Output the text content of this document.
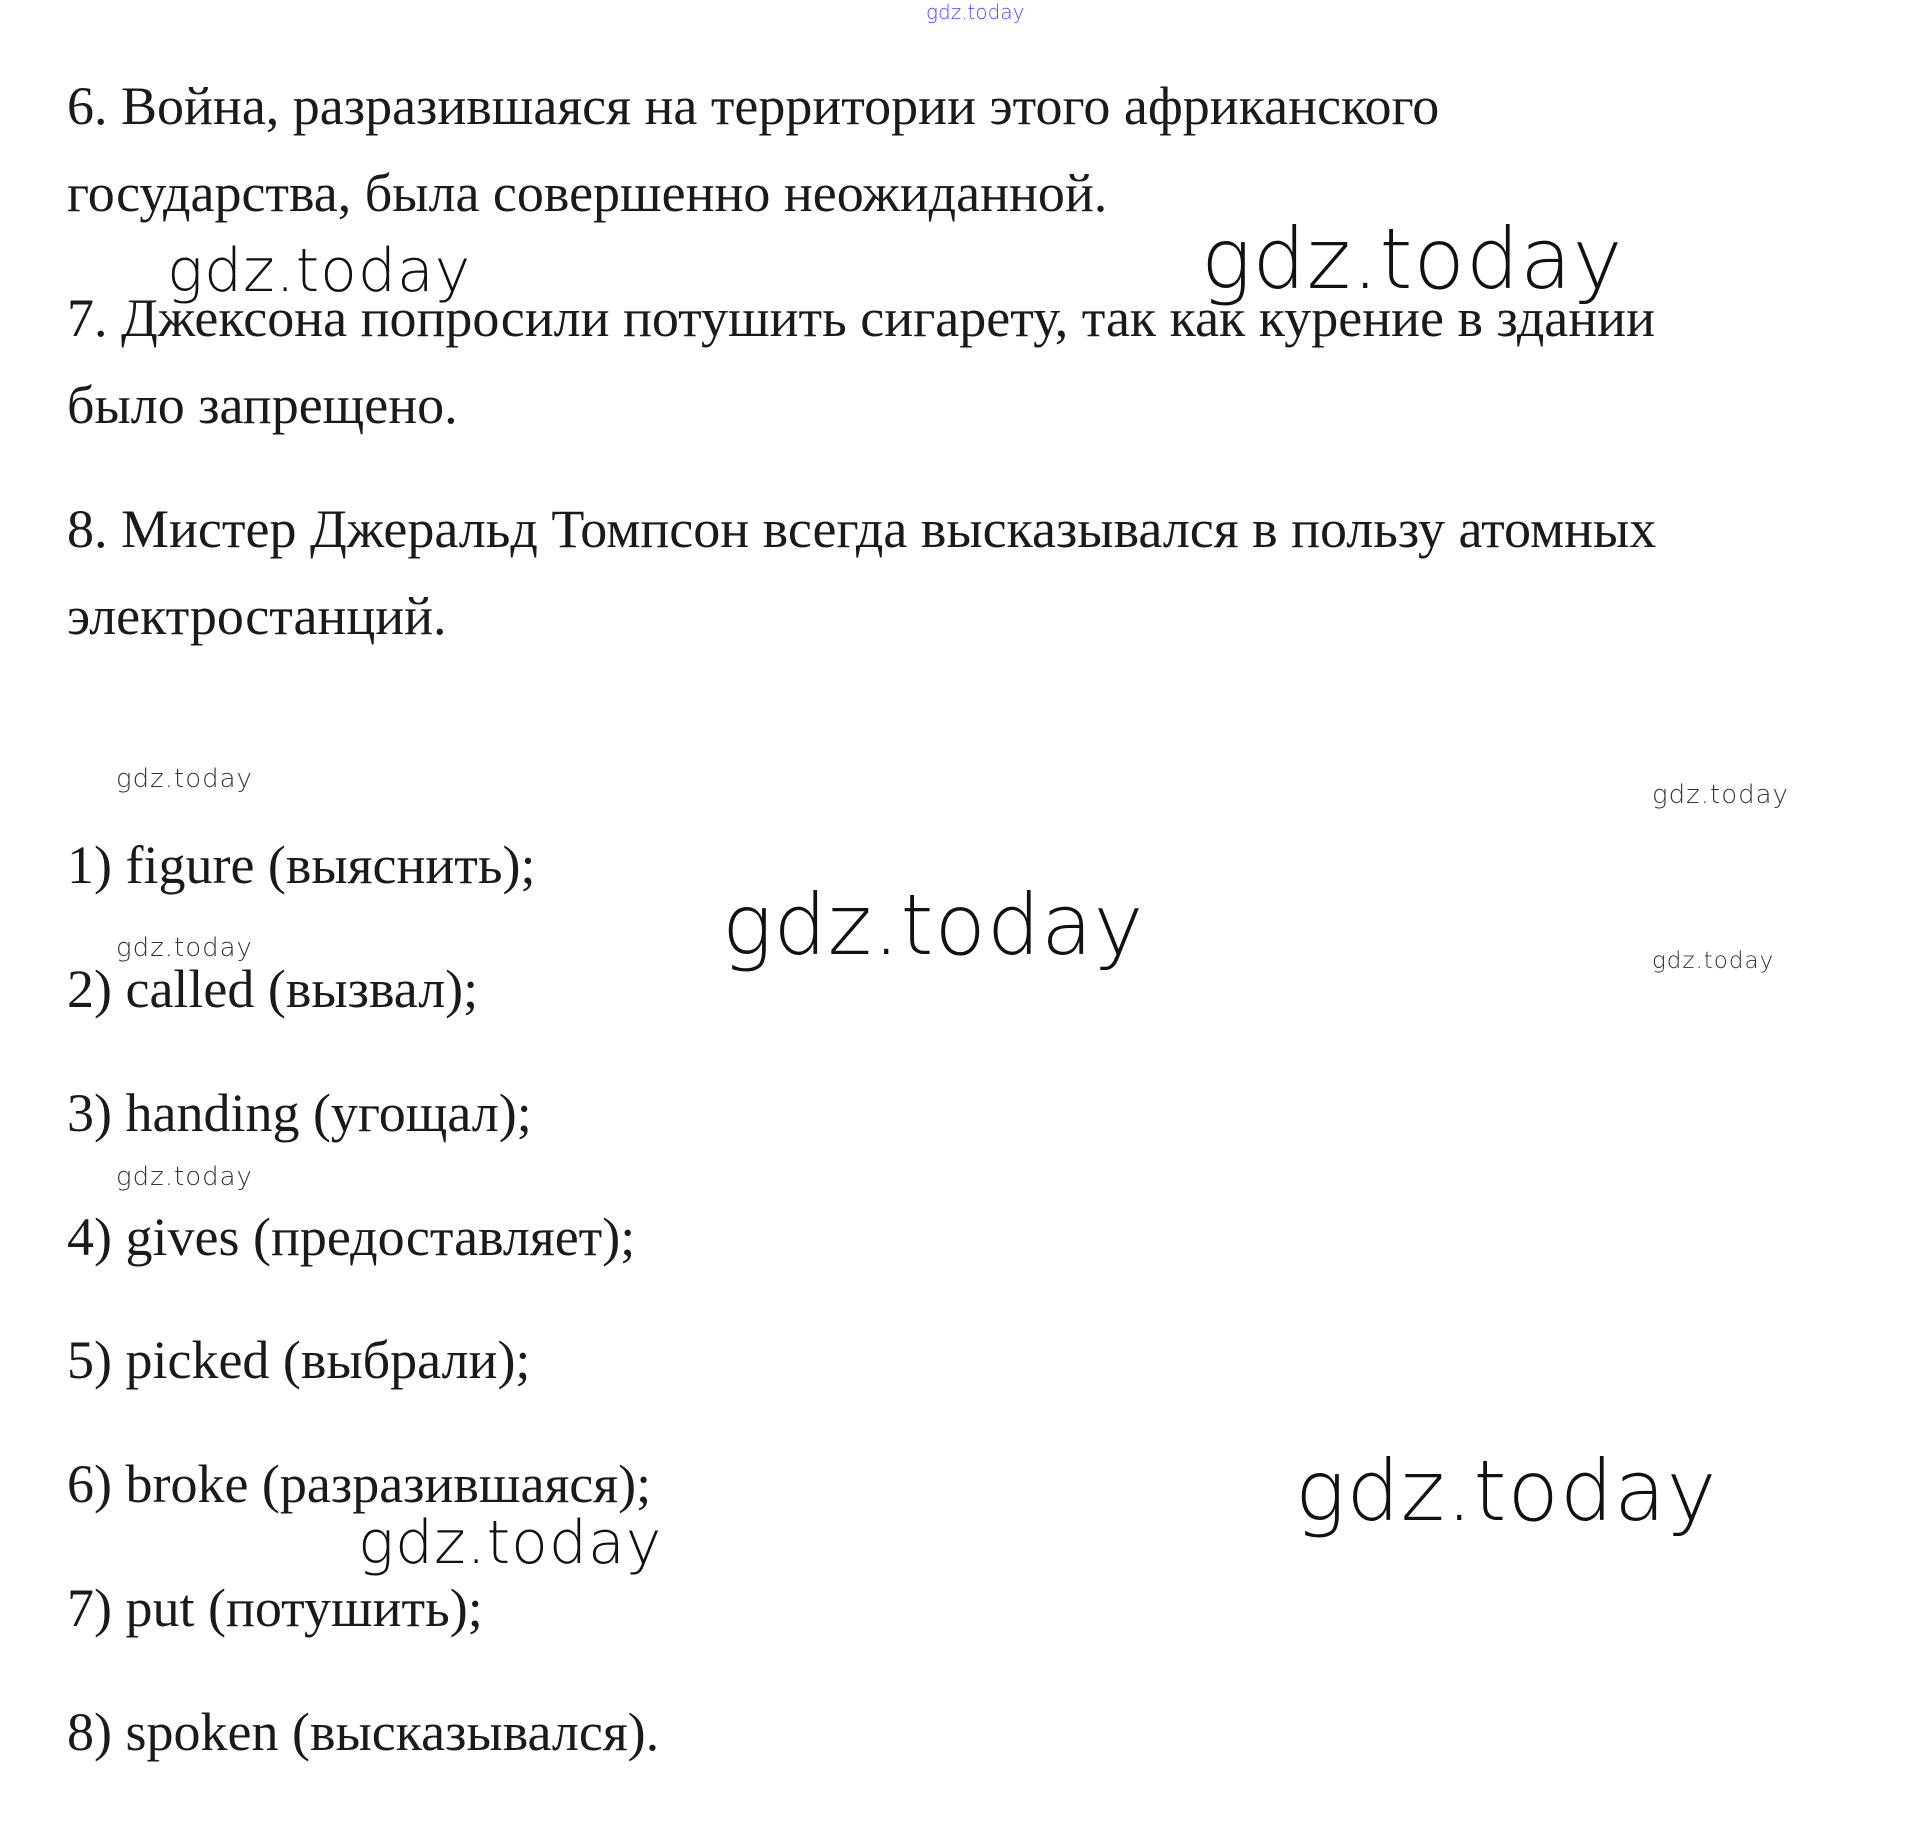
gdz.today
gdz.today	gdz.today
gdz.today
gdz.today
gdz.today
gdz.today	gdz.today
gdz.today
gdz.today
gdz.today

6. Война, разразившаяся на территории этого африканского

государства, была совершенно неожиданной.

7. Джексона попросили потушить сигарету, так как курение в здании

было запрещено.

8. Мистер Джеральд Томпсон всегда высказывался в пользу атомных

электростанций.

1) figure (выяснить);

2) called (вызвал);

3) handing (угощал);

4) gives (предоставляет);

5) picked (выбрали);

6) broke (разразившаяся);

7) put (потушить);

8) spoken (высказывался).
